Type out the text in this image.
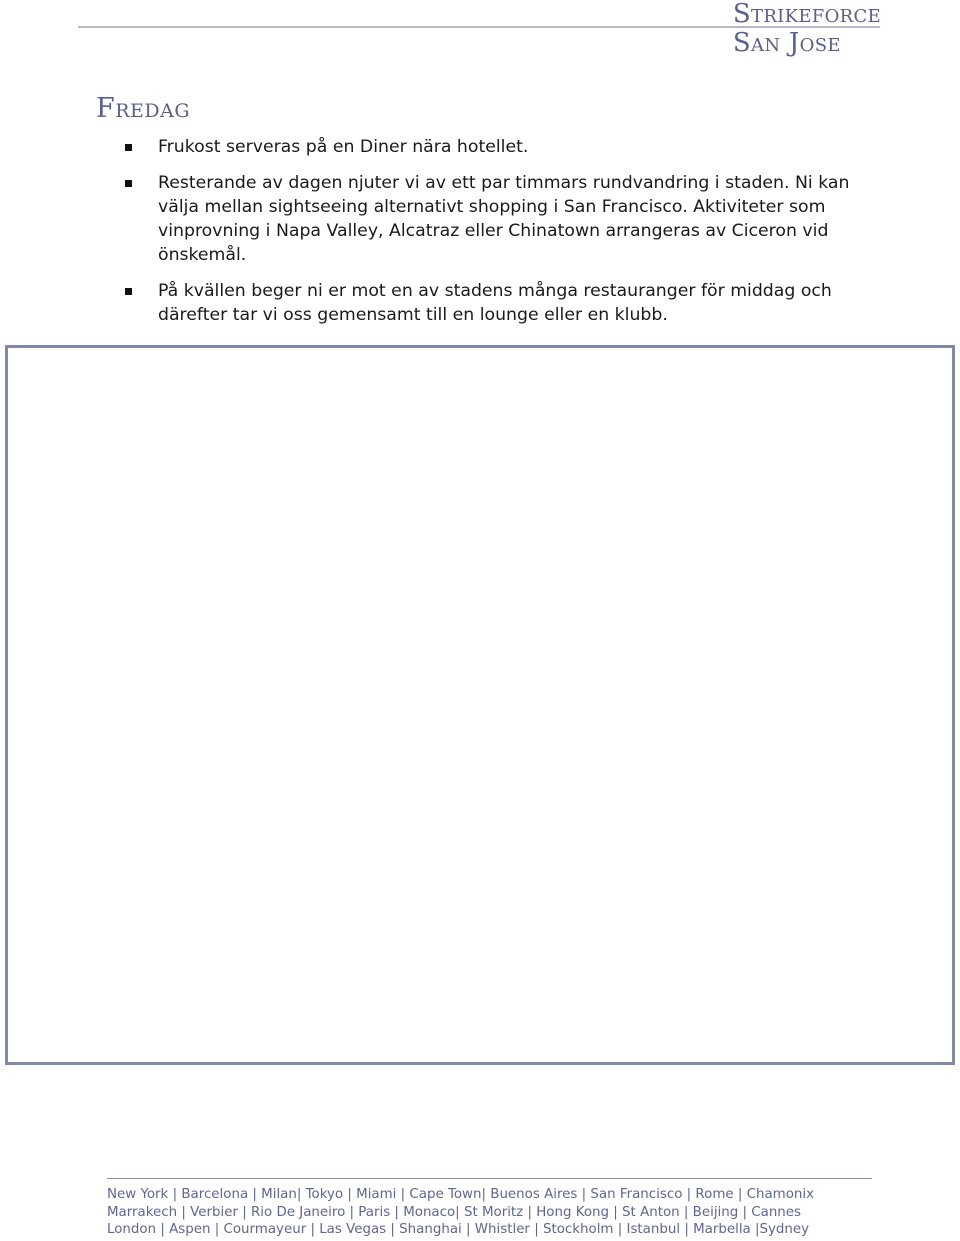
Strikeforce
San Jose
Fredag
Frukost serveras på en Diner nära hotellet.
Resterande av dagen njuter vi av ett par timmars rundvandring i staden. Ni kan välja mellan sightseeing alternativt shopping i San Francisco. Aktiviteter som vinprovning i Napa Valley, Alcatraz eller Chinatown arrangeras av Ciceron vid önskemål.
På kvällen beger ni er mot en av stadens många restauranger för middag och därefter tar vi oss gemensamt till en lounge eller en klubb.
New York | Barcelona | Milan| Tokyo | Miami | Cape Town| Buenos Aires | San Francisco | Rome | Chamonix
Marrakech | Verbier | Rio De Janeiro | Paris | Monaco| St Moritz | Hong Kong | St Anton | Beijing | Cannes
London | Aspen | Courmayeur | Las Vegas | Shanghai | Whistler | Stockholm | Istanbul | Marbella |Sydney
